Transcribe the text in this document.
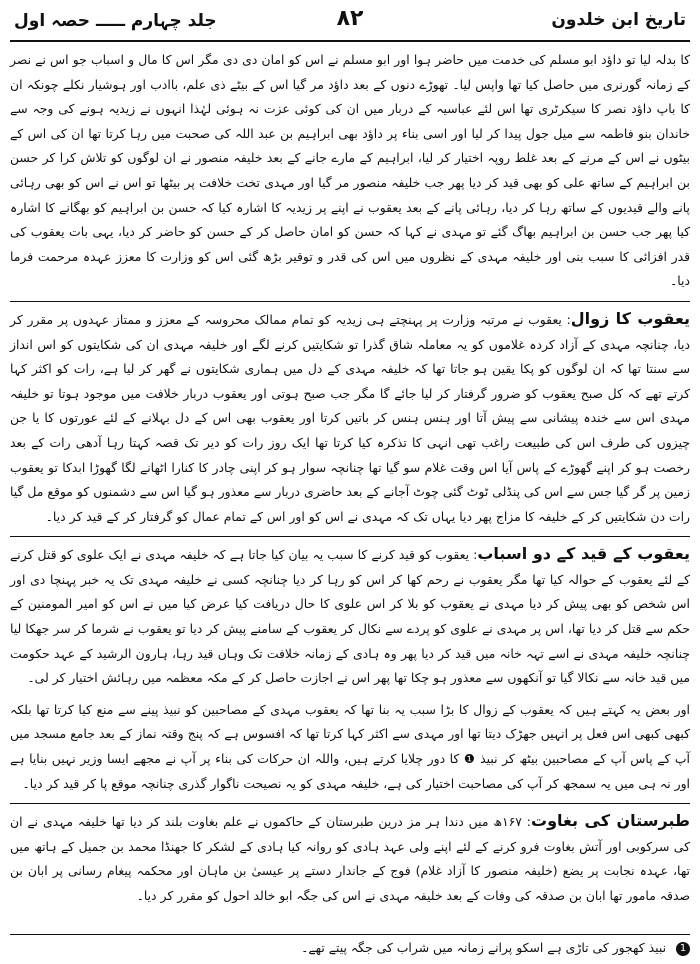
تاریخ ابن خلدون
۸۲
جلد چہارم ـــــ حصہ اول

کا بدلہ لیا تو داؤد ابو مسلم کی خدمت میں حاضر ہوا اور ابو مسلم نے اس کو امان دی دی مگر اس کا مال و اسباب جو اس نے نصر کے زمانہ گورنری میں حاصل کیا تھا واپس لیا۔ تھوڑے دنوں کے بعد داؤد مر گیا اس کے بیٹے ذی علم، باادب اور ہوشیار نکلے چونکہ ان کا باپ داؤد نصر کا سیکرٹری تھا اس لئے عباسیہ کے دربار میں ان کی کوئی عزت نہ ہوئی لہٰذا انہوں نے زیدیہ ہونے کی وجہ سے خاندان بنو فاطمہ سے میل جول پیدا کر لیا اور اسی بناء پر داؤد بھی ابراہیم بن عبد اللہ کی صحبت میں رہا کرتا تھا ان کی اس کے بیٹوں نے اس کے مرنے کے بعد غلط روپہ اختیار کر لیا، ابراہیم کے مارے جانے کے بعد خلیفہ منصور نے ان لوگوں کو تلاش کرا کر حسن بن ابراہیم کے ساتھ علی کو بھی قید کر دیا پھر جب خلیفہ منصور مر گیا اور مہدی تخت خلافت پر بیٹھا تو اس نے اس کو بھی رہائی پانے والے قیدیوں کے ساتھ رہا کر دیا، رہائی پانے کے بعد یعقوب نے اپنے پر زیدیہ کا اشارہ کیا کہ حسن بن ابراہیم کو بھگانے کا اشارہ کیا پھر جب حسن بن ابراہیم بھاگ گئے تو مہدی نے کہا کہ حسن کو امان حاصل کر کے حسن کو حاضر کر دیا، یہی بات یعقوب کی قدر افزائی کا سبب بنی اور خلیفہ مہدی کے نظروں میں اس کی قدر و توقیر بڑھ گئی اس کو وزارت کا معزز عہدہ مرحمت فرما دیا۔

یعقوب کا زوال: یعقوب نے مرتبہ وزارت پر پہنچتے ہی زیدیہ کو تمام ممالک محروسہ کے معزز و ممتاز عہدوں پر مقرر کر دیا، چنانچہ مہدی کے آزاد کردہ غلاموں کو یہ معاملہ شاق گذرا تو شکایتیں کرنے لگے اور خلیفہ مہدی ان کی شکایتوں کو اس انداز سے سنتا تھا کہ ان لوگوں کو پکا یقین ہو جاتا تھا کہ خلیفہ مہدی کے دل میں ہماری شکایتوں نے گھر کر لیا ہے، رات کو اکثر کہا کرتے تھے کہ کل صبح یعقوب کو ضرور گرفتار کر لیا جائے گا مگر جب صبح ہوتی اور یعقوب دربار خلافت میں موجود ہوتا تو خلیفہ مہدی اس سے خندہ پیشانی سے پیش آتا اور ہنس ہنس کر باتیں کرتا اور یعقوب بھی اس کے دل بہلانے کے لئے عورتوں کا یا جن چیزوں کی طرف اس کی طبیعت راغب تھی انہی کا تذکرہ کیا کرتا تھا ایک روز رات کو دیر تک قصہ کہتا رہا آدھی رات کے بعد رخصت ہو کر اپنے گھوڑے کے پاس آیا اس وقت غلام سو گیا تھا چنانچہ سوار ہو کر اپنی چادر کا کنارا اٹھانے لگا گھوڑا ابدکا تو یعقوب زمین پر گر گیا جس سے اس کی پنڈلی ٹوٹ گئی چوٹ آجانے کے بعد حاضری دربار سے معذور ہو گیا اس سے دشمنوں کو موقع مل گیا رات دن شکایتیں کر کے خلیفہ کا مزاج پھر دیا یہاں تک کہ مہدی نے اس کو اور اس کے تمام عمال کو گرفتار کر کے قید کر دیا۔

یعقوب کے قید کے دو اسباب: یعقوب کو قید کرنے کا سبب یہ بیان کیا جاتا ہے کہ خلیفہ مہدی نے ایک علوی کو قتل کرنے کے لئے یعقوب کے حوالہ کیا تھا مگر یعقوب نے رحم کھا کر اس کو رہا کر دیا چنانچہ کسی نے خلیفہ مہدی تک یہ خبر پہنچا دی اور اس شخص کو بھی پیش کر دیا مہدی نے یعقوب کو بلا کر اس علوی کا حال دریافت کیا عرض کیا میں نے اس کو امیر المومنین کے حکم سے قتل کر دیا تھا، اس پر مہدی نے علوی کو پردے سے نکال کر یعقوب کے سامنے پیش کر دیا تو یعقوب نے شرما کر سر جھکا لیا چنانچہ خلیفہ مہدی نے اسے تہہ خانہ میں قید کر دیا پھر وہ ہادی کے زمانہ خلافت تک وہاں قید رہا، ہارون الرشید کے عہد حکومت میں قید خانہ سے نکالا گیا تو آنکھوں سے معذور ہو چکا تھا پھر اس نے اجازت حاصل کر کے مکہ معظمہ میں رہائش اختیار کر لی۔

اور بعض یہ کہتے ہیں کہ یعقوب کے زوال کا بڑا سبب یہ بنا تھا کہ یعقوب مہدی کے مصاحبین کو نبیذ پینے سے منع کیا کرتا تھا بلکہ کبھی کبھی اس فعل پر انہیں جھڑک دیتا تھا اور مہدی سے اکثر کہا کرتا تھا کہ افسوس ہے کہ پنج وقتہ نماز کے بعد جامع مسجد میں آپ کے پاس آپ کے مصاحبین بیٹھ کر نبیذ ❶ کا دور چلایا کرتے ہیں، واللہ ان حرکات کی بناء پر آپ نے مجھے ایسا وزیر نہیں بنایا ہے اور نہ ہی میں یہ سمجھ کر آپ کی مصاحبت اختیار کی ہے، خلیفہ مہدی کو یہ نصیحت ناگوار گذری چنانچہ موقع پا کر قید کر دیا۔

طبرستان کی بغاوت: ۱۶۷ھ میں دندا ہر مز درین طبرستان کے حاکموں نے علم بغاوت بلند کر دیا تھا خلیفہ مہدی نے ان کی سرکوبی اور آتش بغاوت فرو کرنے کے لئے اپنے ولی عہد ہادی کو روانہ کیا ہادی کے لشکر کا جھنڈا محمد بن جمیل کے ہاتھ میں تھا، عہدہ نجابت پر یضع (خلیفہ منصور کا آزاد غلام) فوج کے جاندار دستے پر عیسیٰ بن ماہان اور محکمہ پیغام رسانی پر ابان بن صدقہ مامور تھا ابان بن صدقہ کی وفات کے بعد خلیفہ مہدی نے اس کی جگہ ابو خالد احول کو مقرر کر دیا۔

1 نبیذ کھجور کی تاڑی ہے اسکو پرانے زمانہ میں شراب کی جگہ پیتے تھے۔
